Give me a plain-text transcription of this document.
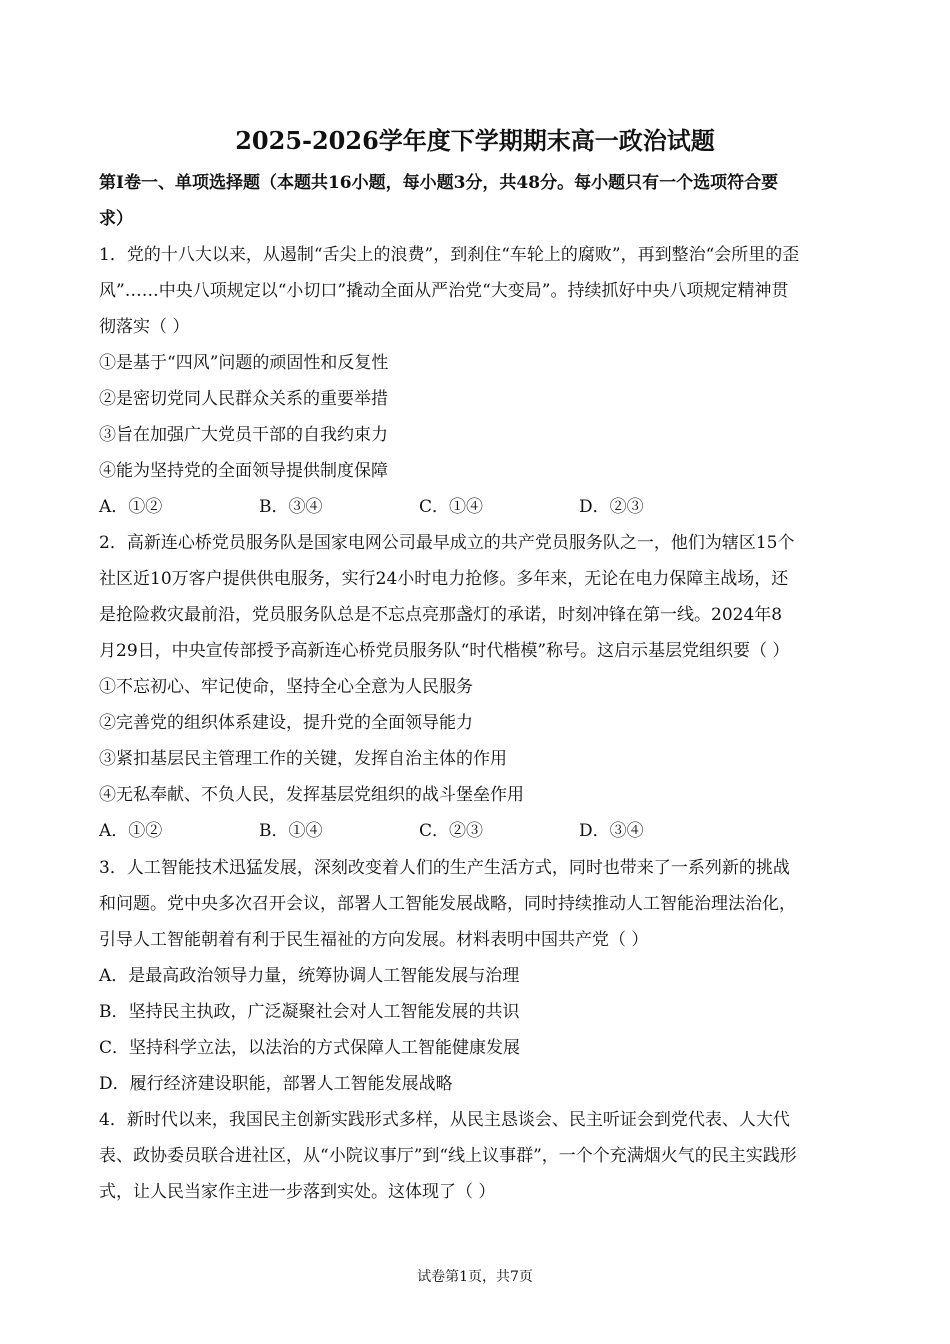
2025-2026学年度下学期期末高一政治试题
第Ⅰ卷一、单项选择题（本题共16小题，每小题3分，共48分。每小题只有一个选项符合要
求）
1．党的十八大以来，从遏制“舌尖上的浪费”，到刹住“车轮上的腐败”，再到整治“会所里的歪
风”……中央八项规定以“小切口”撬动全面从严治党“大变局”。持续抓好中央八项规定精神贯
彻落实（ ）
①是基于“四风”问题的顽固性和反复性
②是密切党同人民群众关系的重要举措
③旨在加强广大党员干部的自我约束力
④能为坚持党的全面领导提供制度保障
A．①②	B．③④	C．①④	D．②③
2．高新连心桥党员服务队是国家电网公司最早成立的共产党员服务队之一，他们为辖区15个
社区近10万客户提供供电服务，实行24小时电力抢修。多年来，无论在电力保障主战场，还
是抢险救灾最前沿，党员服务队总是不忘点亮那盏灯的承诺，时刻冲锋在第一线。2024年8
月29日，中央宣传部授予高新连心桥党员服务队“时代楷模”称号。这启示基层党组织要（ ）
①不忘初心、牢记使命，坚持全心全意为人民服务
②完善党的组织体系建设，提升党的全面领导能力
③紧扣基层民主管理工作的关键，发挥自治主体的作用
④无私奉献、不负人民，发挥基层党组织的战斗堡垒作用
A．①②	B．①④	C．②③	D．③④
3．人工智能技术迅猛发展，深刻改变着人们的生产生活方式，同时也带来了一系列新的挑战
和问题。党中央多次召开会议，部署人工智能发展战略，同时持续推动人工智能治理法治化，
引导人工智能朝着有利于民生福祉的方向发展。材料表明中国共产党（ ）
A．是最高政治领导力量，统筹协调人工智能发展与治理
B．坚持民主执政，广泛凝聚社会对人工智能发展的共识
C．坚持科学立法，以法治的方式保障人工智能健康发展
D．履行经济建设职能，部署人工智能发展战略
4．新时代以来，我国民主创新实践形式多样，从民主恳谈会、民主听证会到党代表、人大代
表、政协委员联合进社区，从“小院议事厅”到“线上议事群”，一个个充满烟火气的民主实践形
式，让人民当家作主进一步落到实处。这体现了（ ）
试卷第1页，共7页
